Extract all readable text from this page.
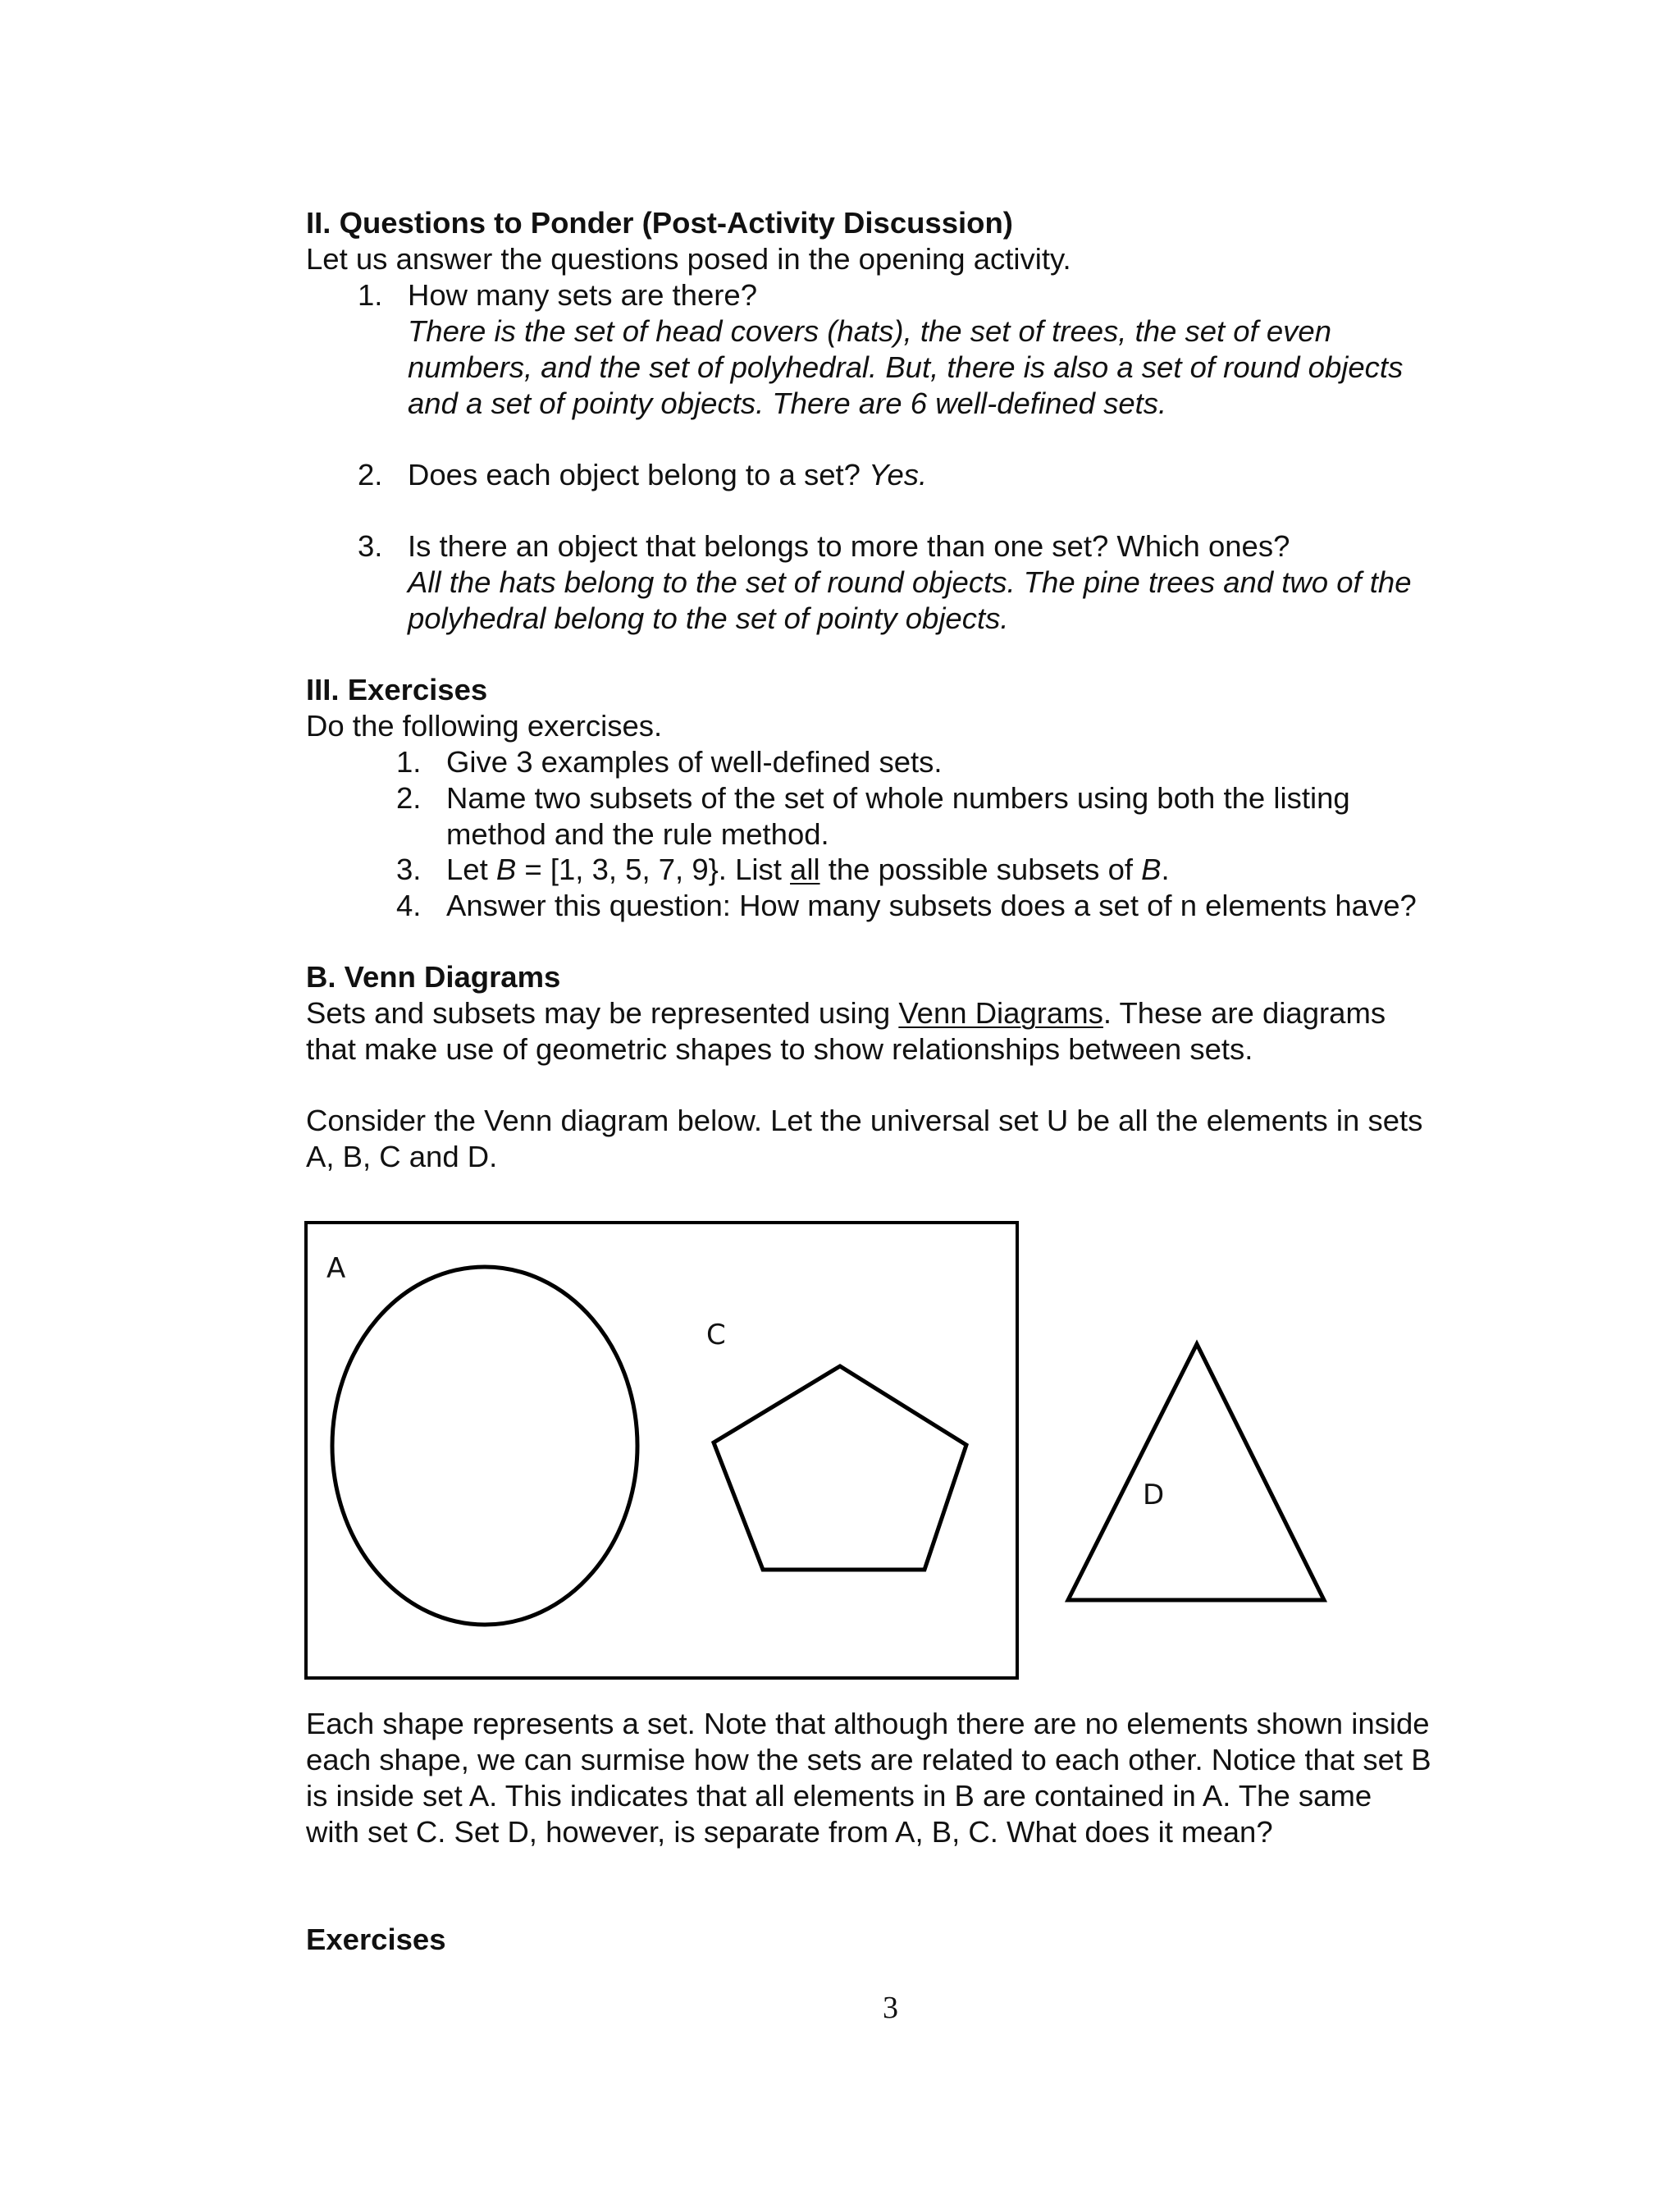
II. Questions to Ponder (Post-Activity Discussion)
Let us answer the questions posed in the opening activity.
1. How many sets are there?
There is the set of head covers (hats), the set of trees, the set of even
numbers, and the set of polyhedral. But, there is also a set of round objects
and a set of pointy objects. There are 6 well-defined sets.
2. Does each object belong to a set? Yes.
3. Is there an object that belongs to more than one set? Which ones?
All the hats belong to the set of round objects. The pine trees and two of the
polyhedral belong to the set of pointy objects.
III. Exercises
Do the following exercises.
1. Give 3 examples of well-defined sets.
2. Name two subsets of the set of whole numbers using both the listing
method and the rule method.
3. Let B = [1, 3, 5, 7, 9}. List all the possible subsets of B.
4. Answer this question: How many subsets does a set of n elements have?
B. Venn Diagrams
Sets and subsets may be represented using Venn Diagrams. These are diagrams
that make use of geometric shapes to show relationships between sets.
Consider the Venn diagram below. Let the universal set U be all the elements in sets
A, B, C and D.
A
C
D
Each shape represents a set. Note that although there are no elements shown inside
each shape, we can surmise how the sets are related to each other. Notice that set B
is inside set A. This indicates that all elements in B are contained in A. The same
with set C. Set D, however, is separate from A, B, C. What does it mean?
Exercises
3
